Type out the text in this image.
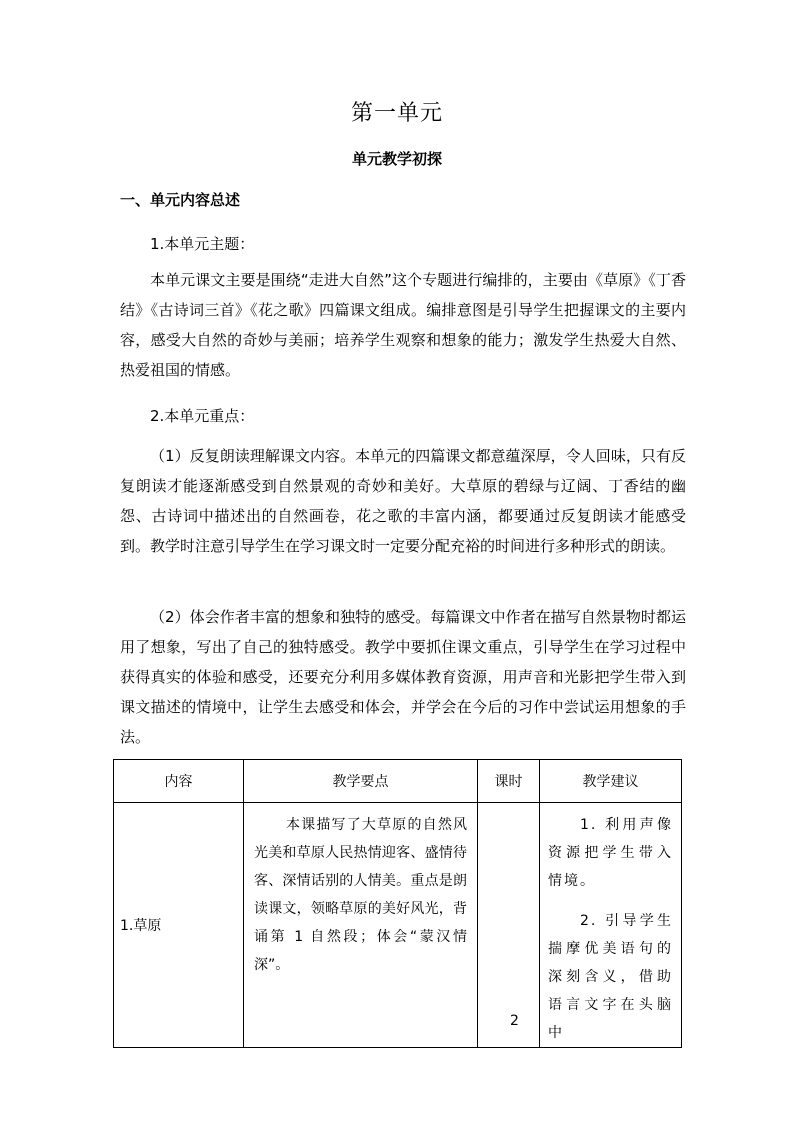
第一单元
单元教学初探
一、单元内容总述
1.本单元主题：
本单元课文主要是围绕“走进大自然”这个专题进行编排的，主要由《草原》《丁香结》《古诗词三首》《花之歌》四篇课文组成。编排意图是引导学生把握课文的主要内容，感受大自然的奇妙与美丽；培养学生观察和想象的能力；激发学生热爱大自然、热爱祖国的情感。
2.本单元重点：
（1）反复朗读理解课文内容。本单元的四篇课文都意蕴深厚，令人回味，只有反复朗读才能逐渐感受到自然景观的奇妙和美好。大草原的碧绿与辽阔、丁香结的幽怨、古诗词中描述出的自然画卷，花之歌的丰富内涵，都要通过反复朗读才能感受到。教学时注意引导学生在学习课文时一定要分配充裕的时间进行多种形式的朗读。
（2）体会作者丰富的想象和独特的感受。每篇课文中作者在描写自然景物时都运用了想象，写出了自己的独特感受。教学中要抓住课文重点，引导学生在学习过程中获得真实的体验和感受，还要充分利用多媒体教育资源，用声音和光影把学生带入到课文描述的情境中，让学生去感受和体会，并学会在今后的习作中尝试运用想象的手法。
内容	教学要点	课时	教学建议
1.草原	本课描写了大草原的自然风光美和草原人民热情迎客、盛情待客、深情话别的人情美。重点是朗读课文，领略草原的美好风光，背诵第 1 自然段；体会“蒙汉情深”。	2	1. 利用声像资源把学生带入情境。

2. 引导学生揣摩优美语句的深刻含义，借助语言文字在头脑中
